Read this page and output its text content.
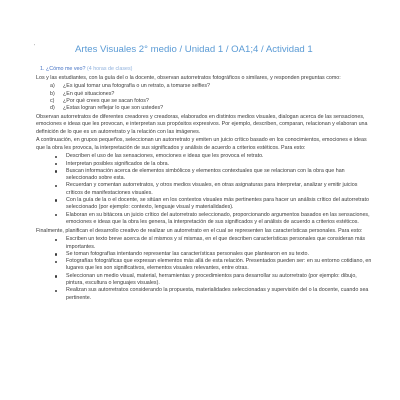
'	Artes Visuales 2° medio / Unidad 1 / OA1;4 / Actividad 1

1. ¿Cómo me veo? (4 horas de clases)

Los y las estudiantes, con la guía del o la docente, observan autorretratos fotográficos o similares, y responden preguntas como:

a) ¿Es igual tomar una fotografía o un retrato, a tomarse selfies?
b) ¿En qué situaciones?
c) ¿Por qué crees que se sacan fotos?
d) ¿Estas logran reflejar lo que son ustedes?

Observan autorretratos de diferentes creadores y creadoras, elaborados en distintos medios visuales, dialogan acerca de las sensaciones, emociones e ideas que les provocan, e interpretan sus propósitos expresivos. Por ejemplo, describen, comparan, relacionan y elaboran una definición de lo que es un autorretrato y la relación con las imágenes.

A continuación, en grupos pequeños, seleccionan un autorretrato y emiten un juicio crítico basado en los conocimientos, emociones e ideas que la obra les provoca, la interpretación de sus significados y análisis de acuerdo a criterios estéticos. Para esto:

Describen el uso de las sensaciones, emociones e ideas que les provoca el retrato.
Interpretan posibles significados de la obra.
Buscan información acerca de elementos simbólicos y elementos contextuales que se relacionan con la obra que han seleccionado sobre esta.
Recuerdan y comentan autorretratos, y otros medios visuales, en otras asignaturas para interpretar, analizar y emitir juicios críticos de manifestaciones visuales.
Con la guía de la o el docente, se sitúan en los contextos visuales más pertinentes para hacer un análisis crítico del autorretrato seleccionado (por ejemplo: contexto, lenguaje visual y materialidades).
Elaboran en su bitácora un juicio crítico del autorretrato seleccionado, proporcionando argumentos basados en las sensaciones, emociones e ideas que la obra les genera, la interpretación de sus significados y el análisis de acuerdo a criterios estéticos.

Finalmente, planifican el desarrollo creativo de realizar un autorretrato en el cual se representen las características personales. Para esto:

Escriben un texto breve acerca de sí mismos y sí mismas, en el que describen características personales que consideran más importantes.
Se toman fotografías intentando representar las características personales que plantearon en su texto.
Fotografías fotográficas que expresan elementos más allá de esta relación. Presentados pueden ser: en su entorno cotidiano, en lugares que les son significativos, elementos visuales relevantes, entre otras.
Seleccionan un medio visual, material, herramientas y procedimientos para desarrollar su autorretrato (por ejemplo: dibujo, pintura, escultura o lenguajes visuales).
Realizan sus autorretratos considerando la propuesta, materialidades seleccionadas y supervisión del o la docente, cuando sea pertinente.
